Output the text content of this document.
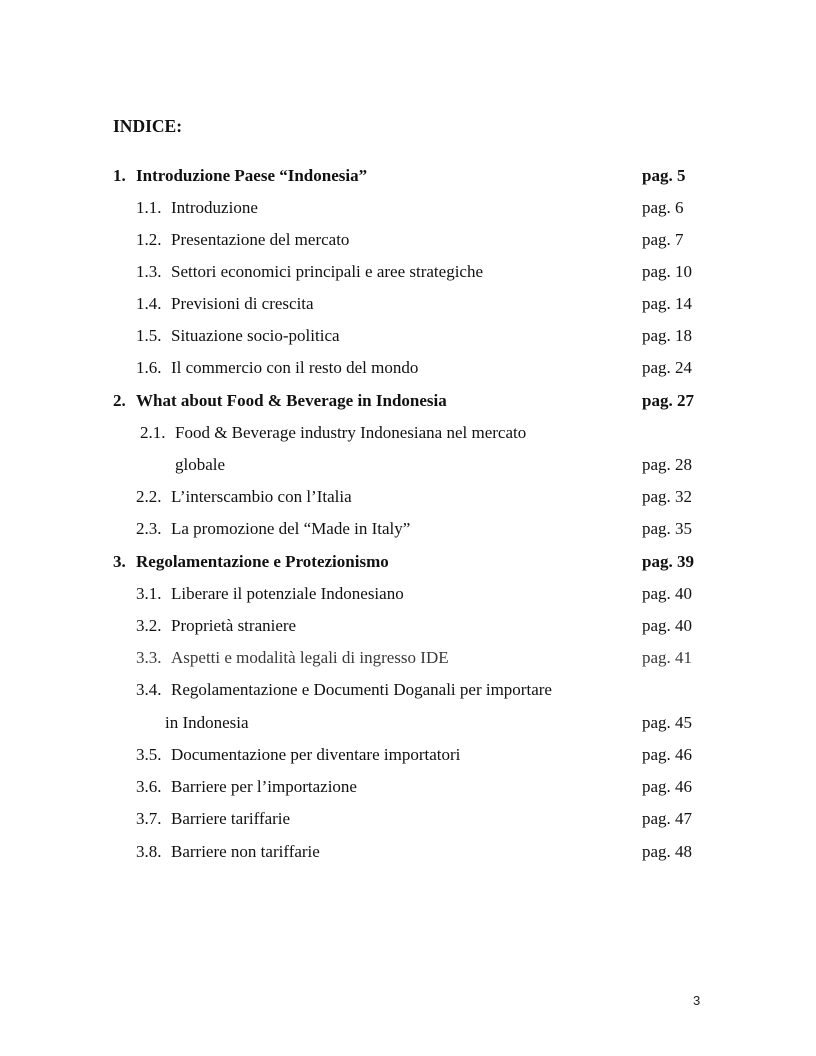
INDICE:
1. Introduzione Paese “Indonesia”	pag. 5
1.1. Introduzione	pag. 6
1.2. Presentazione del mercato	pag. 7
1.3. Settori economici principali e aree strategiche	pag. 10
1.4. Previsioni di crescita	pag. 14
1.5. Situazione socio-politica	pag. 18
1.6. Il commercio con il resto del mondo	pag. 24
2. What about Food & Beverage in Indonesia	pag. 27
2.1. Food & Beverage industry Indonesiana nel mercato
globale	pag. 28
2.2. L’interscambio con l’Italia	pag. 32
2.3. La promozione del “Made in Italy”	pag. 35
3. Regolamentazione e Protezionismo	pag. 39
3.1. Liberare il potenziale Indonesiano	pag. 40
3.2. Proprietà straniere	pag. 40
3.3. Aspetti e modalità legali di ingresso IDE	pag. 41
3.4. Regolamentazione e Documenti Doganali per importare
in Indonesia	pag. 45
3.5. Documentazione per diventare importatori	pag. 46
3.6. Barriere per l’importazione	pag. 46
3.7. Barriere tariffarie	pag. 47
3.8. Barriere non tariffarie	pag. 48
3
